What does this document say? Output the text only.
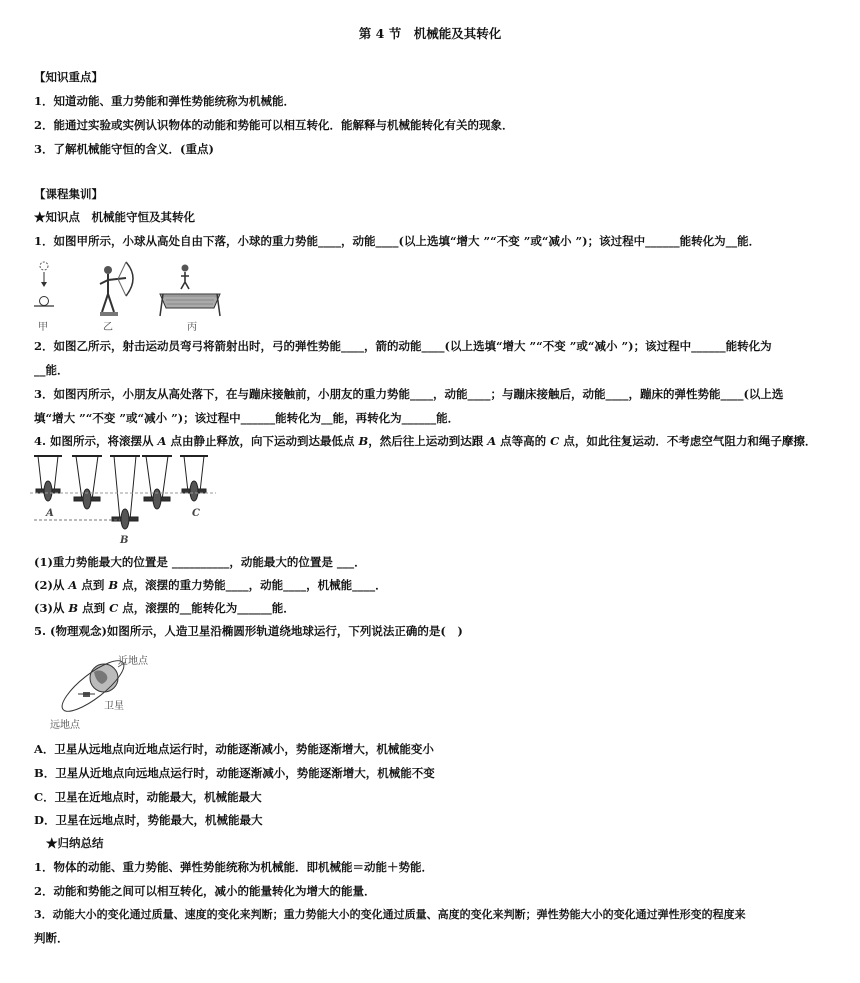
第 4 节　机械能及其转化
【知识重点】
1．知道动能、重力势能和弹性势能统称为机械能．
2．能通过实验或实例认识物体的动能和势能可以相互转化．能解释与机械能转化有关的现象．
3．了解机械能守恒的含义．(重点)
【课程集训】
★知识点　机械能守恒及其转化
1．如图甲所示，小球从高处自由下落，小球的重力势能____，动能____(以上选填“增大 ”“不变 ”或“减小 ”)；该过程中______能转化为__能．
甲	乙	丙
2．如图乙所示，射击运动员弯弓将箭射出时，弓的弹性势能____，箭的动能____(以上选填“增大 ”“不变 ”或“减小 ”)；该过程中______能转化为
__能．
3．如图丙所示，小朋友从高处落下，在与蹦床接触前，小朋友的重力势能____，动能____；与蹦床接触后，动能____，蹦床的弹性势能____(以上选
填“增大 ”“不变 ”或“减小 ”)；该过程中______能转化为__能，再转化为______能．
4. 如图所示，将滚摆从 A 点由静止释放，向下运动到达最低点 B，然后往上运动到达跟 A 点等高的 C 点，如此往复运动．不考虑空气阻力和绳子摩擦．
A
B
C
(1)重力势能最大的位置是 __________，动能最大的位置是 ___．
(2)从 A 点到 B 点，滚摆的重力势能____，动能____，机械能____．
(3)从 B 点到 C 点，滚摆的__能转化为______能．
5. (物理观念)如图所示，人造卫星沿椭圆形轨道绕地球运行，下列说法正确的是(　)
近地点
卫星
远地点
A．卫星从远地点向近地点运行时，动能逐渐减小，势能逐渐增大，机械能变小
B．卫星从近地点向远地点运行时，动能逐渐减小，势能逐渐增大，机械能不变
C．卫星在近地点时，动能最大，机械能最大
D．卫星在远地点时，势能最大，机械能最大
★归纳总结
1．物体的动能、重力势能、弹性势能统称为机械能．即机械能＝动能＋势能．
2．动能和势能之间可以相互转化，减小的能量转化为增大的能量．
3．动能大小的变化通过质量、速度的变化来判断；重力势能大小的变化通过质量、高度的变化来判断；弹性势能大小的变化通过弹性形变的程度来
判断．
